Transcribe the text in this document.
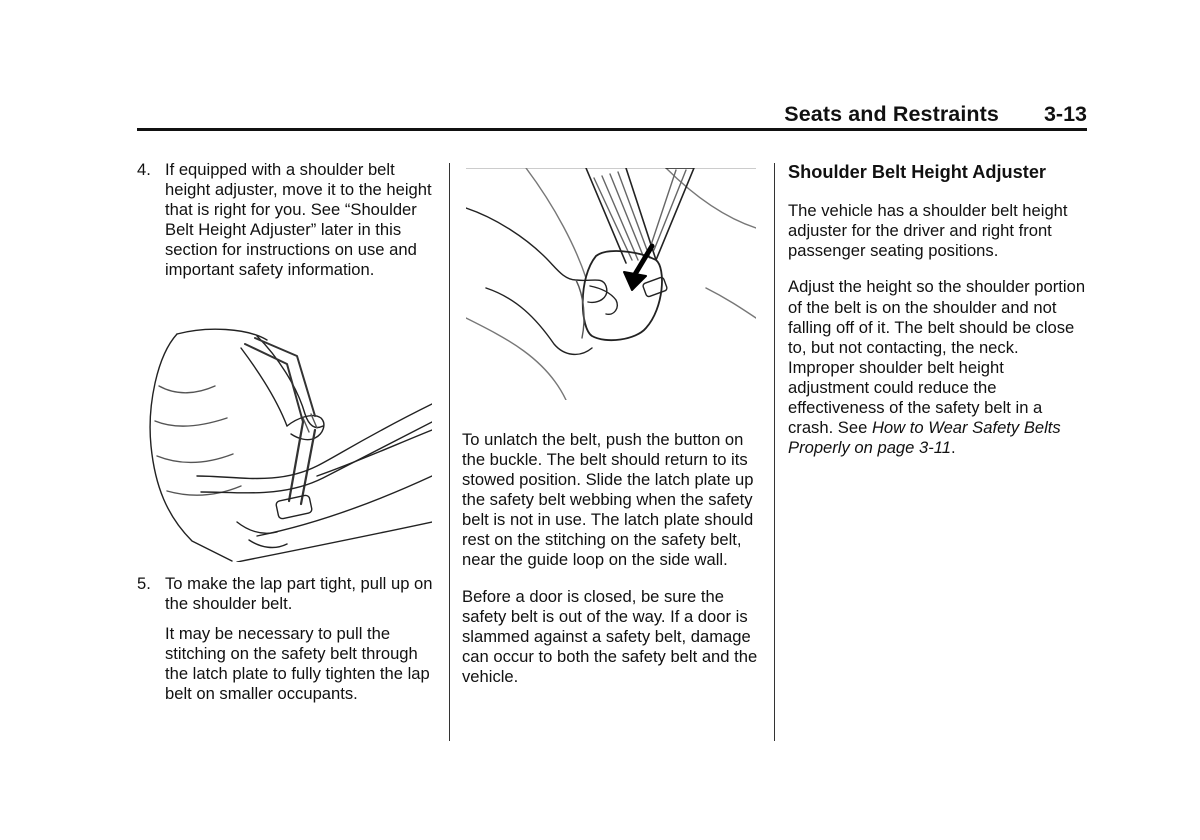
Seats and Restraints 3-13
4. If equipped with a shoulder belt height adjuster, move it to the height that is right for you. See “Shoulder Belt Height Adjuster” later in this section for instructions on use and important safety information.

5. To make the lap part tight, pull up on the shoulder belt.

It may be necessary to pull the stitching on the safety belt through the latch plate to fully tighten the lap belt on smaller occupants.

To unlatch the belt, push the button on the buckle. The belt should return to its stowed position. Slide the latch plate up the safety belt webbing when the safety belt is not in use. The latch plate should rest on the stitching on the safety belt, near the guide loop on the side wall.

Before a door is closed, be sure the safety belt is out of the way. If a door is slammed against a safety belt, damage can occur to both the safety belt and the vehicle.

Shoulder Belt Height Adjuster

The vehicle has a shoulder belt height adjuster for the driver and right front passenger seating positions.

Adjust the height so the shoulder portion of the belt is on the shoulder and not falling off of it. The belt should be close to, but not contacting, the neck. Improper shoulder belt height adjustment could reduce the effectiveness of the safety belt in a crash. See How to Wear Safety Belts Properly on page 3-11.
